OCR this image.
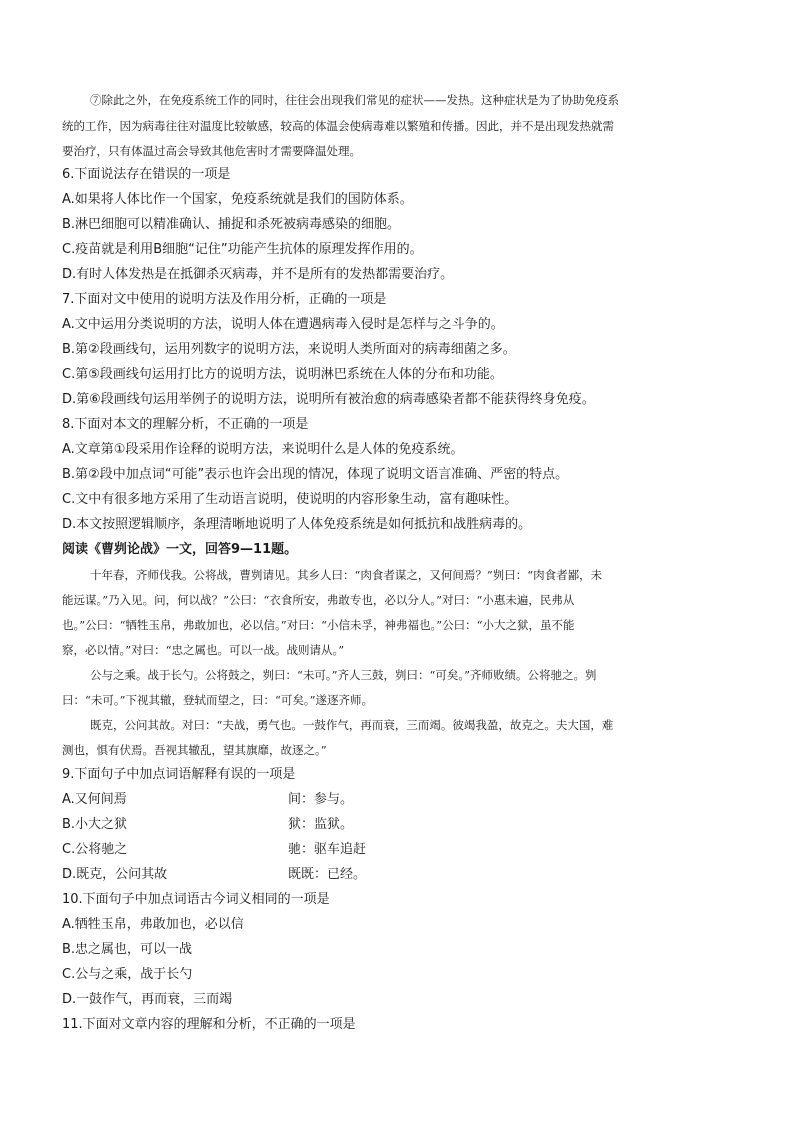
⑦除此之外，在免疫系统工作的同时，往往会出现我们常见的症状——发热。这种症状是为了协助免疫系
统的工作，因为病毒往往对温度比较敏感，较高的体温会使病毒难以繁殖和传播。因此，并不是出现发热就需
要治疗，只有体温过高会导致其他危害时才需要降温处理。
6.下面说法存在错误的一项是
A.如果将人体比作一个国家，免疫系统就是我们的国防体系。
B.淋巴细胞可以精准确认、捕捉和杀死被病毒感染的细胞。
C.疫苗就是利用B细胞“记住”功能产生抗体的原理发挥作用的。
D.有时人体发热是在抵御杀灭病毒，并不是所有的发热都需要治疗。
7.下面对文中使用的说明方法及作用分析，正确的一项是
A.文中运用分类说明的方法，说明人体在遭遇病毒入侵时是怎样与之斗争的。
B.第②段画线句，运用列数字的说明方法，来说明人类所面对的病毒细菌之多。
C.第⑤段画线句运用打比方的说明方法，说明淋巴系统在人体的分布和功能。
D.第⑥段画线句运用举例子的说明方法，说明所有被治愈的病毒感染者都不能获得终身免疫。
8.下面对本文的理解分析，不正确的一项是
A.文章第①段采用作诠释的说明方法，来说明什么是人体的免疫系统。
B.第②段中加点词“可能”表示也许会出现的情况，体现了说明文语言准确、严密的特点。
C.文中有很多地方采用了生动语言说明，使说明的内容形象生动，富有趣味性。
D.本文按照逻辑顺序，条理清晰地说明了人体免疫系统是如何抵抗和战胜病毒的。
阅读《曹刿论战》一文，回答9—11题。
十年春，齐师伐我。公将战，曹刿请见。其乡人曰：“肉食者谋之，又何间焉？”刿曰：“肉食者鄙，未
能远谋。”乃入见。问，何以战？”公曰：“衣食所安，弗敢专也，必以分人。”对曰：“小惠未遍，民弗从
也。”公曰：“牺牲玉帛，弗敢加也，必以信。”对曰：“小信未孚，神弗福也。”公曰：“小大之狱，虽不能
察，必以情。”对曰：“忠之属也。可以一战。战则请从。”
公与之乘。战于长勺。公将鼓之，刿曰：“未可。”齐人三鼓，刿曰：“可矣。”齐师败绩。公将驰之。刿
曰：“未可。”下视其辙，登轼而望之，曰：“可矣。”遂逐齐师。
既克，公问其故。对曰：“夫战，勇气也。一鼓作气，再而衰，三而竭。彼竭我盈，故克之。夫大国，难
测也，惧有伏焉。吾视其辙乱，望其旗靡，故逐之。”
9.下面句子中加点词语解释有误的一项是
A.又何间焉	间：参与。
B.小大之狱	狱：监狱。
C.公将驰之	驰：驱车追赶
D.既克，公问其故	既既：已经。
10.下面句子中加点词语古今词义相同的一项是
A.牺牲玉帛，弗敢加也，必以信
B.忠之属也，可以一战
C.公与之乘，战于长勺
D.一鼓作气，再而衰，三而竭
11.下面对文章内容的理解和分析，不正确的一项是
